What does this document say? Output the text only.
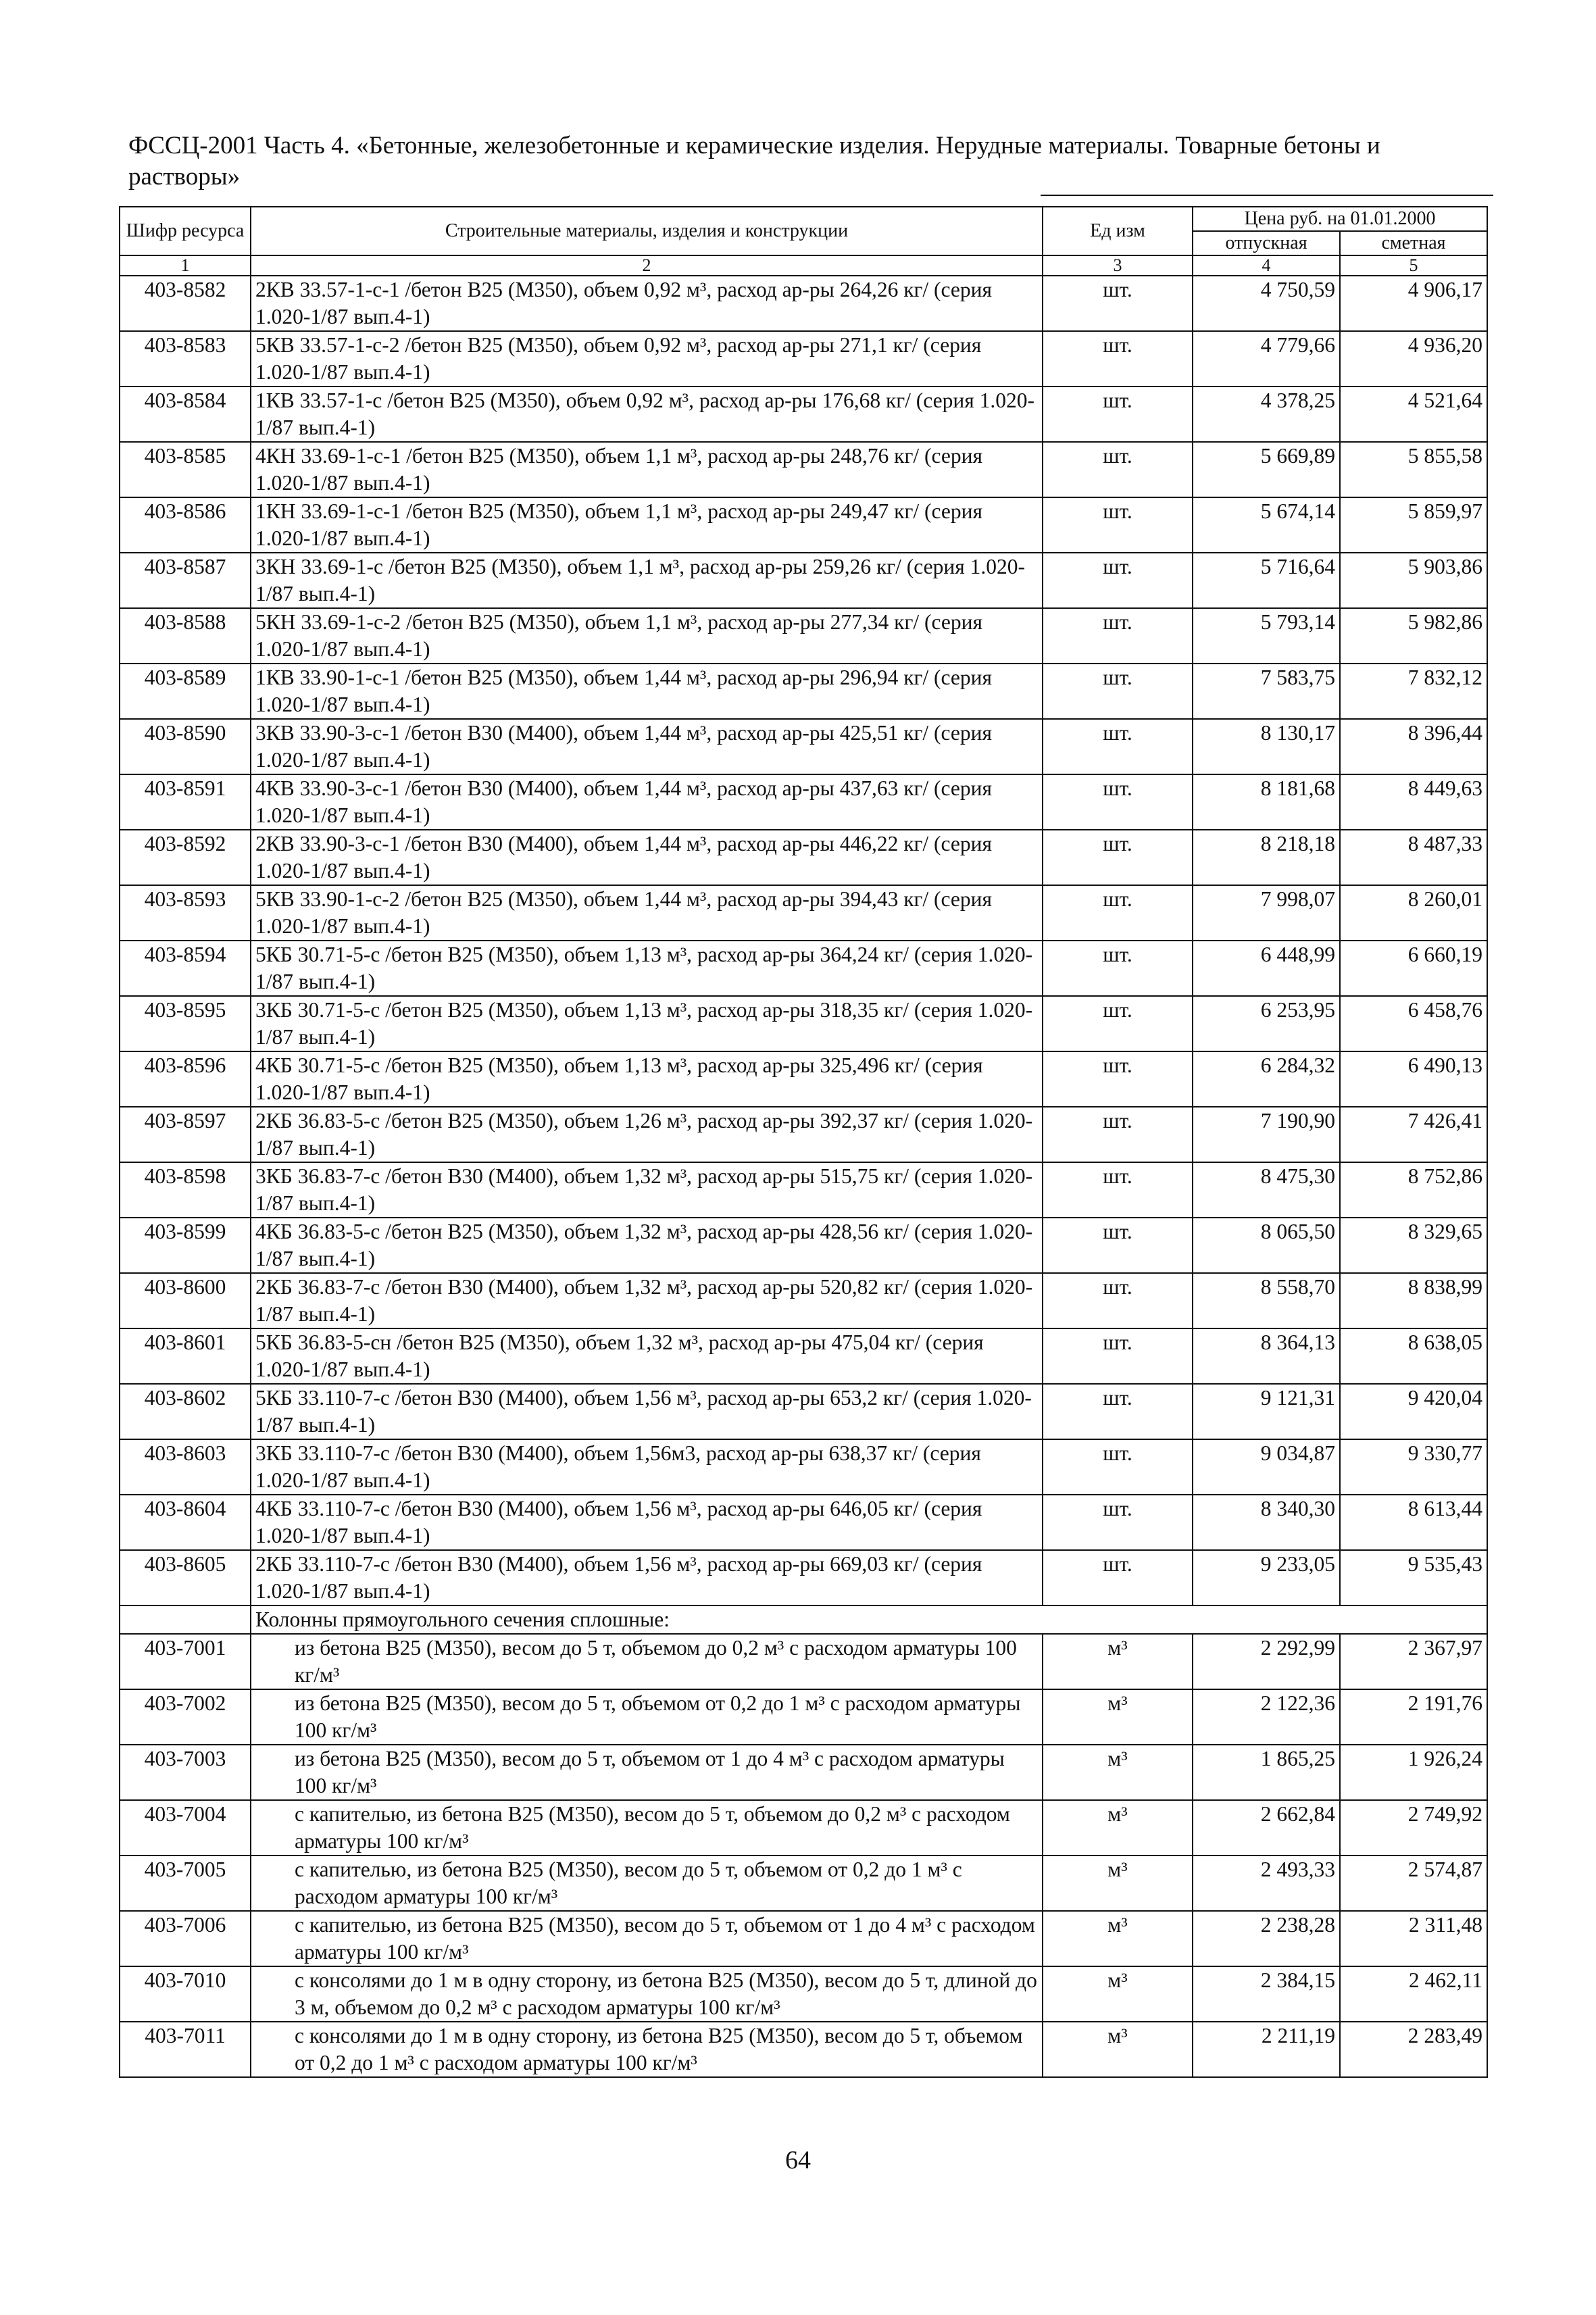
ФССЦ-2001 Часть 4. «Бетонные, железобетонные и керамические изделия. Нерудные материалы. Товарные бетоны и
растворы»
Шифр ресурса	Строительные материалы, изделия и конструкции	Ед изм	Цена руб. на 01.01.2000	
			отпускная	сметная
1	2	3	4	5
403-8582	2КВ 33.57-1-с-1 /бетон В25 (М350), объем 0,92 м³, расход ар-ры 264,26 кг/ (серия 1.020-1/87 вып.4-1)	шт.	4 750,59	4 906,17
403-8583	5КВ 33.57-1-с-2 /бетон В25 (М350), объем 0,92 м³, расход ар-ры 271,1 кг/ (серия 1.020-1/87 вып.4-1)	шт.	4 779,66	4 936,20
403-8584	1КВ 33.57-1-с /бетон В25 (М350), объем 0,92 м³, расход ар-ры 176,68 кг/ (серия 1.020-1/87 вып.4-1)	шт.	4 378,25	4 521,64
403-8585	4КН 33.69-1-с-1 /бетон В25 (М350), объем 1,1 м³, расход ар-ры 248,76 кг/ (серия 1.020-1/87 вып.4-1)	шт.	5 669,89	5 855,58
403-8586	1КН 33.69-1-с-1 /бетон В25 (М350), объем 1,1 м³, расход ар-ры 249,47 кг/ (серия 1.020-1/87 вып.4-1)	шт.	5 674,14	5 859,97
403-8587	3КН 33.69-1-с /бетон В25 (М350), объем 1,1 м³, расход ар-ры 259,26 кг/ (серия 1.020-1/87 вып.4-1)	шт.	5 716,64	5 903,86
403-8588	5КН 33.69-1-с-2 /бетон В25 (М350), объем 1,1 м³, расход ар-ры 277,34 кг/ (серия 1.020-1/87 вып.4-1)	шт.	5 793,14	5 982,86
403-8589	1КВ 33.90-1-с-1 /бетон В25 (М350), объем 1,44 м³, расход ар-ры 296,94 кг/ (серия 1.020-1/87 вып.4-1)	шт.	7 583,75	7 832,12
403-8590	3КВ 33.90-3-с-1 /бетон В30 (М400), объем 1,44 м³, расход ар-ры 425,51 кг/ (серия 1.020-1/87 вып.4-1)	шт.	8 130,17	8 396,44
403-8591	4КВ 33.90-3-с-1 /бетон В30 (М400), объем 1,44 м³, расход ар-ры 437,63 кг/ (серия 1.020-1/87 вып.4-1)	шт.	8 181,68	8 449,63
403-8592	2КВ 33.90-3-с-1 /бетон В30 (М400), объем 1,44 м³, расход ар-ры 446,22 кг/ (серия 1.020-1/87 вып.4-1)	шт.	8 218,18	8 487,33
403-8593	5КВ 33.90-1-с-2 /бетон В25 (М350), объем 1,44 м³, расход ар-ры 394,43 кг/ (серия 1.020-1/87 вып.4-1)	шт.	7 998,07	8 260,01
403-8594	5КБ 30.71-5-с /бетон В25 (М350), объем 1,13 м³, расход ар-ры 364,24 кг/ (серия 1.020-1/87 вып.4-1)	шт.	6 448,99	6 660,19
403-8595	3КБ 30.71-5-с /бетон В25 (М350), объем 1,13 м³, расход ар-ры 318,35 кг/ (серия 1.020-1/87 вып.4-1)	шт.	6 253,95	6 458,76
403-8596	4КБ 30.71-5-с /бетон В25 (М350), объем 1,13 м³, расход ар-ры 325,496 кг/ (серия 1.020-1/87 вып.4-1)	шт.	6 284,32	6 490,13
403-8597	2КБ 36.83-5-с /бетон В25 (М350), объем 1,26 м³, расход ар-ры 392,37 кг/ (серия 1.020-1/87 вып.4-1)	шт.	7 190,90	7 426,41
403-8598	3КБ 36.83-7-с /бетон В30 (М400), объем 1,32 м³, расход ар-ры 515,75 кг/ (серия 1.020-1/87 вып.4-1)	шт.	8 475,30	8 752,86
403-8599	4КБ 36.83-5-с /бетон В25 (М350), объем 1,32 м³, расход ар-ры 428,56 кг/ (серия 1.020-1/87 вып.4-1)	шт.	8 065,50	8 329,65
403-8600	2КБ 36.83-7-с /бетон В30 (М400), объем 1,32 м³, расход ар-ры 520,82 кг/ (серия 1.020-1/87 вып.4-1)	шт.	8 558,70	8 838,99
403-8601	5КБ 36.83-5-сн /бетон В25 (М350), объем 1,32 м³, расход ар-ры 475,04 кг/ (серия 1.020-1/87 вып.4-1)	шт.	8 364,13	8 638,05
403-8602	5КБ 33.110-7-с /бетон В30 (М400), объем 1,56 м³, расход ар-ры 653,2 кг/ (серия 1.020-1/87 вып.4-1)	шт.	9 121,31	9 420,04
403-8603	3КБ 33.110-7-с /бетон В30 (М400), объем 1,56м3, расход ар-ры 638,37 кг/ (серия 1.020-1/87 вып.4-1)	шт.	9 034,87	9 330,77
403-8604	4КБ 33.110-7-с /бетон В30 (М400), объем 1,56 м³, расход ар-ры 646,05 кг/ (серия 1.020-1/87 вып.4-1)	шт.	8 340,30	8 613,44
403-8605	2КБ 33.110-7-с /бетон В30 (М400), объем 1,56 м³, расход ар-ры 669,03 кг/ (серия 1.020-1/87 вып.4-1)	шт.	9 233,05	9 535,43
	Колонны прямоугольного сечения сплошные:			
403-7001	из бетона В25 (М350), весом до 5 т, объемом до 0,2 м³ с расходом арматуры 100 кг/м³	м³	2 292,99	2 367,97
403-7002	из бетона В25 (М350), весом до 5 т, объемом от 0,2 до 1 м³ с расходом арматуры 100 кг/м³	м³	2 122,36	2 191,76
403-7003	из бетона В25 (М350), весом до 5 т, объемом от 1 до 4 м³ с расходом арматуры 100 кг/м³	м³	1 865,25	1 926,24
403-7004	с капителью, из бетона В25 (М350), весом до 5 т, объемом до 0,2 м³ с расходом арматуры 100 кг/м³	м³	2 662,84	2 749,92
403-7005	с капителью, из бетона В25 (М350), весом до 5 т, объемом от 0,2 до 1 м³ с расходом арматуры 100 кг/м³	м³	2 493,33	2 574,87
403-7006	с капителью, из бетона В25 (М350), весом до 5 т, объемом от 1 до 4 м³ с расходом арматуры 100 кг/м³	м³	2 238,28	2 311,48
403-7010	с консолями до 1 м в одну сторону, из бетона В25 (М350), весом до 5 т, длиной до 3 м, объемом до 0,2 м³ с расходом арматуры 100 кг/м³	м³	2 384,15	2 462,11
403-7011	с консолями до 1 м в одну сторону, из бетона В25 (М350), весом до 5 т, объемом от 0,2 до 1 м³ с расходом арматуры 100 кг/м³	м³	2 211,19	2 283,49
64
